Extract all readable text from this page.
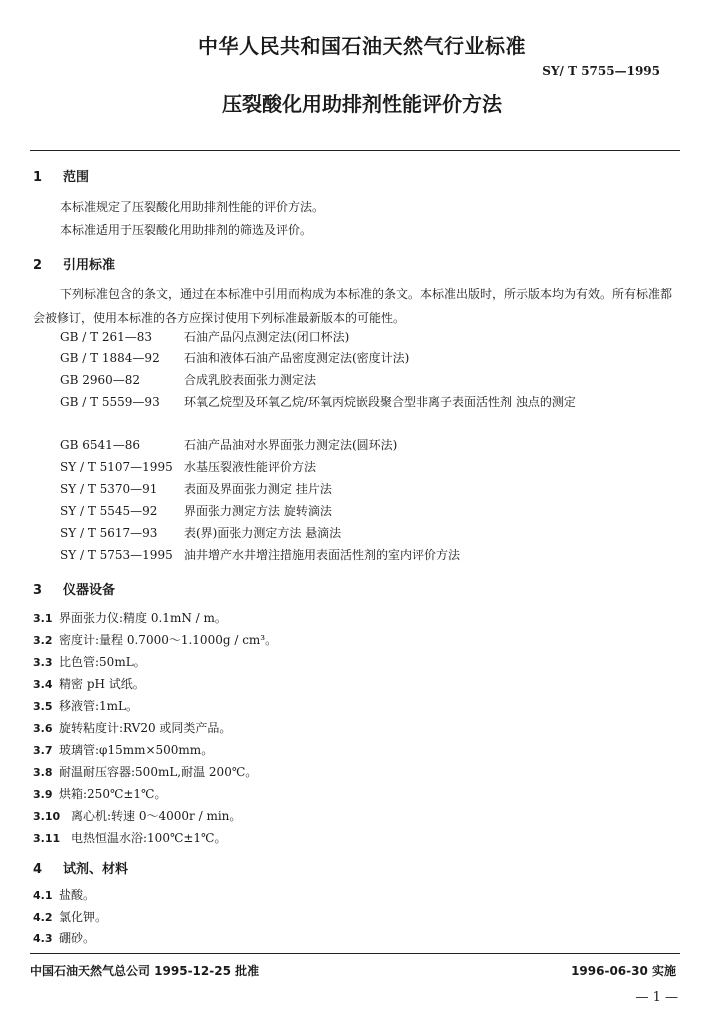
中华人民共和国石油天然气行业标准
SY/ T 5755—1995
压裂酸化用助排剂性能评价方法
1 范围
本标准规定了压裂酸化用助排剂性能的评价方法。
本标准适用于压裂酸化用助排剂的筛选及评价。
2 引用标准
下列标准包含的条文，通过在本标准中引用而构成为本标准的条文。本标准出版时，所示版本均为有效。所有标准都会被修订，使用本标准的各方应探讨使用下列标准最新版本的可能性。
GB / T 261—83	石油产品闪点测定法(闭口杯法)
GB / T 1884—92 石油和液体石油产品密度测定法(密度计法)
GB 2960—82	合成乳胶表面张力测定法
GB / T 5559—93 环氧乙烷型及环氧乙烷/环氧丙烷嵌段聚合型非离子表面活性剂 浊点的测定
GB 6541—86	石油产品油对水界面张力测定法(圆环法)
SY / T 5107—1995 水基压裂液性能评价方法
SY / T 5370—91 表面及界面张力测定 挂片法
SY / T 5545—92 界面张力测定方法 旋转滴法
SY / T 5617—93 表(界)面张力测定方法 悬滴法
SY / T 5753—1995 油井增产水井增注措施用表面活性剂的室内评价方法
3 仪器设备
3.1 界面张力仪:精度 0.1mN / m。
3.2 密度计:量程 0.7000～1.1000g / cm³。
3.3 比色管:50mL。
3.4 精密 pH 试纸。
3.5 移液管:1mL。
3.6 旋转粘度计:RV20 或同类产品。
3.7 玻璃管:φ15mm×500mm。
3.8 耐温耐压容器:500mL,耐温 200℃。
3.9 烘箱:250℃±1℃。
3.10 离心机:转速 0～4000r / min。
3.11 电热恒温水浴:100℃±1℃。
4 试剂、材料
4.1 盐酸。
4.2 氯化钾。
4.3 硼砂。
中国石油天然气总公司 1995-12-25 批准	1996-06-30 实施
— 1 —
